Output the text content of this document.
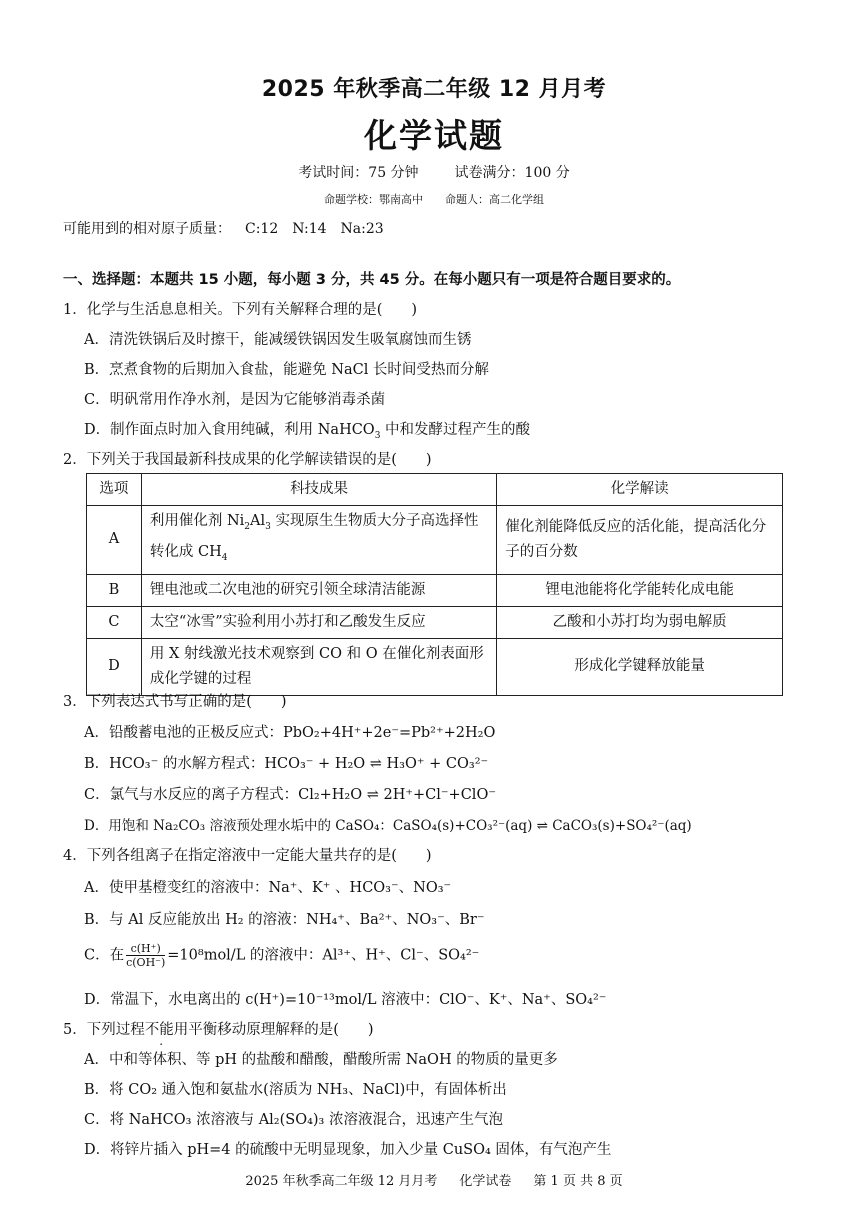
2025 年秋季高二年级 12 月月考
化学试题
考试时间：75 分钟	试卷满分：100 分
命题学校：鄂南高中 命题人：高二化学组
可能用到的相对原子质量： C:12 N:14 Na:23
一、选择题：本题共 15 小题，每小题 3 分，共 45 分。在每小题只有一项是符合题目要求的。
1．化学与生活息息相关。下列有关解释合理的是(　　)
A．清洗铁锅后及时擦干，能减缓铁锅因发生吸氧腐蚀而生锈
B．烹煮食物的后期加入食盐，能避免 NaCl 长时间受热而分解
C．明矾常用作净水剂，是因为它能够消毒杀菌
D．制作面点时加入食用纯碱，利用 NaHCO$_3$ 中和发酵过程产生的酸
2．下列关于我国最新科技成果的化学解读错误的是(　　)
选项	科技成果	化学解读
A	利用催化剂 $Ni_2Al_3$ 实现原生生物质大分子高选择性转化成 $CH_4$	催化剂能降低反应的活化能，提高活化分子的百分数
B	锂电池或二次电池的研究引领全球清洁能源	锂电池能将化学能转化成电能
C	太空“冰雪”实验利用小苏打和乙酸发生反应	乙酸和小苏打均为弱电解质
D	用 X 射线激光技术观察到 CO 和 O 在催化剂表面形成化学键的过程	形成化学键释放能量
3．下列表达式书写正确的是(　　)
A．铅酸蓄电池的正极反应式：PbO₂+4H⁺+2e⁻=Pb²⁺+2H₂O
B．HCO₃⁻ 的水解方程式：HCO₃⁻ + H₂O ⇌ H₃O⁺ + CO₃²⁻
C．氯气与水反应的离子方程式：Cl₂+H₂O ⇌ 2H⁺+Cl⁻+ClO⁻
D．用饱和 Na₂CO₃ 溶液预处理水垢中的 CaSO₄：CaSO₄(s)+CO₃²⁻(aq) ⇌ CaCO₃(s)+SO₄²⁻(aq)
4．下列各组离子在指定溶液中一定能大量共存的是(　　)
A．使甲基橙变红的溶液中：Na⁺、K⁺ 、HCO₃⁻、NO₃⁻
B．与 Al 反应能放出 H₂ 的溶液：NH₄⁺、Ba²⁺、NO₃⁻、Br⁻
C．在 $\frac{c(H^+)}{c(OH^-)} =10^8mol/L$ 的溶液中：Al³⁺、H⁺、Cl⁻、SO₄²⁻
D．常温下，水电离出的 c(H⁺)=10⁻¹³mol/L 溶液中：ClO⁻、K⁺、Na⁺、SO₄²⁻
5．下列过程不能用平衡移动原理解释的是(　　)
A．中和等体积、等 pH 的盐酸和醋酸，醋酸所需 NaOH 的物质的量更多
B．将 CO₂ 通入饱和氨盐水(溶质为 NH₃、NaCl)中，有固体析出
C．将 NaHCO₃ 浓溶液与 Al₂(SO₄)₃ 浓溶液混合，迅速产生气泡
D．将锌片插入 pH=4 的硫酸中无明显现象，加入少量 CuSO₄ 固体，有气泡产生
2025 年秋季高二年级 12 月月考 化学试卷 第 1 页 共 8 页
